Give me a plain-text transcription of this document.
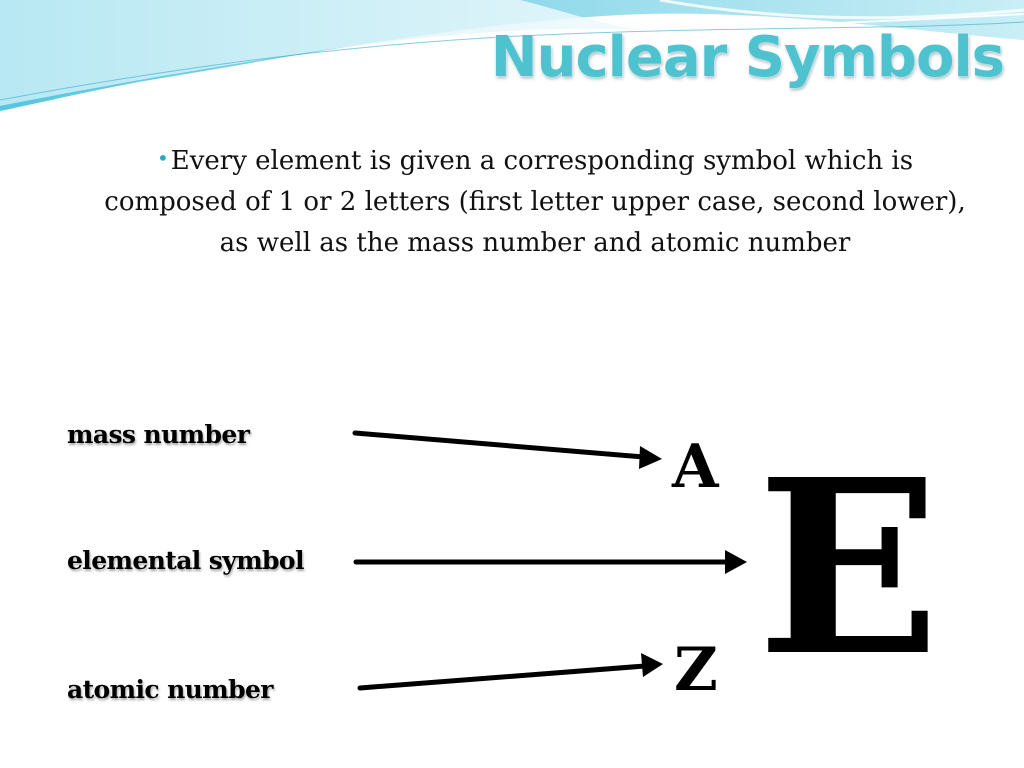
Nuclear Symbols

•Every element is given a corresponding symbol which is
composed of 1 or 2 letters (first letter upper case, second lower),
as well as the mass number and atomic number

mass number
elemental symbol
atomic number
A E
Z
